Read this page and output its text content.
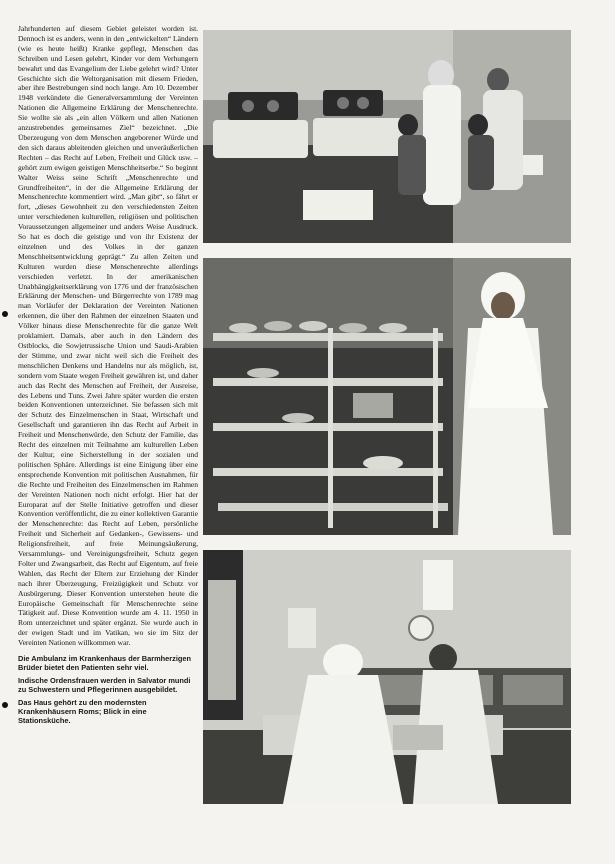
Jahrhunderten auf diesem Gebiet geleistet worden ist. Dennoch ist es anders, wenn in den „entwickelten“ Ländern (wie es heute heißt) Kranke gepflegt, Menschen das Schreiben und Lesen gelehrt, Kinder vor dem Verhungern bewahrt und das Evangelium der Liebe gelehrt wird? Unter Geschichte sich die Weltorganisation mit diesem Frieden, aber ihre Bestrebungen sind noch lange. Am 10. Dezember 1948 verkündete die Generalversammlung der Vereinten Nationen die Allgemeine Erklärung der Menschenrechte. Sie wollte sie als „ein allen Völkern und allen Nationen anzustrebendes gemeinsames Ziel“ bezeichnet. „Die Überzeugung von dem Menschen angeborener Würde und den sich daraus ableitenden gleichen und unveräußerlichen Rechten – das Recht auf Leben, Freiheit und Glück usw. – gehört zum ewigen geistigen Menschheitserbe.“ So beginnt Walter Weiss seine Schrift „Menschenrechte und Grundfreiheiten“, in der die Allgemeine Erklärung der Menschenrechte kommentiert wird. „Man gibt“, so fährt er fort, „dieses Gewohnheit zu den verschiedensten Zeiten unter verschiedenen kulturellen, religiösen und politischen Voraussetzungen allgemeiner und anders Weise Ausdruck. So hat es doch die geistige und von ihr Existenz der einzelnen und des Volkes in der ganzen Menschheitsentwicklung geprägt.“ Zu allen Zeiten und Kulturen wurden diese Menschenrechte allerdings verschieden verletzt. In der amerikanischen Unabhängigkeitserklärung von 1776 und der französischen Erklärung der Menschen- und Bürgerrechte von 1789 mag man Vorläufer der Deklaration der Vereinten Nationen erkennen, die über den Rahmen der einzelnen Staaten und Völker hinaus diese Menschenrechte für die ganze Welt proklamiert. Damals, aber auch in den Ländern des Ostblocks, die Sowjetrussische Union und Saudi-Arabien der Stimme, und zwar nicht weil sich die Freiheit des menschlichen Denkens und Handelns nur als möglich, ist, sondern vom Staate wegen Freiheit gewähren ist, und daher auch das Recht des Menschen auf Freiheit, der Ausreise, des Lebens und Tuns. Zwei Jahre später wurden die ersten beiden Konventionen unterzeichnet. Sie befassen sich mit der Schutz des Einzelmenschen in Staat, Wirtschaft und Gesellschaft und garantieren ihn das Recht auf Arbeit in Freiheit und Menschenwürde, den Schutz der Familie, das Recht des einzelnen mit Teilnahme am kulturellen Leben der Kultur, eine Sicherstellung in der sozialen und politischen Sphäre. Allerdings ist eine Einigung über eine entsprechende Konvention mit politischen Ausnahmen, für die Rechte und Freiheiten des Einzelmenschen im Rahmen der Vereinten Nationen noch nicht erfolgt. Hier hat der Europarat auf der Stelle Initiative getroffen und dieser Konvention veröffentlicht, die zu einer kollektiven Garantie der Menschenrechte: das Recht auf Leben, persönliche Freiheit und Sicherheit auf Gedanken-, Gewissens- und Religionsfreiheit, auf freie Meinungsäußerung, Versammlungs- und Vereinigungsfreiheit, Schutz gegen Folter und Zwangsarbeit, das Recht auf Eigentum, auf freie Wahlen, das Recht der Eltern zur Erziehung der Kinder nach ihrer Überzeugung, Freizügigkeit und Schutz vor Ausbürgerung. Dieser Konvention unterstehen heute die Europäische Gemeinschaft für Menschenrechte seine Tätigkeit auf. Diese Konvention wurde am 4. 11. 1950 in Rom unterzeichnet und später ergänzt. Sie wurde auch in der ewigen Stadt und im Vatikan, wo sie im Sitz der Vereinten Nationen willkommen war.

Die Ambulanz im Krankenhaus der Barmherzigen Brüder bietet den Patienten sehr viel.

Indische Ordensfrauen werden in Salvator mundi zu Schwestern und Pflegerinnen ausgebildet.

Das Haus gehört zu den modernsten Krankenhäusern Roms; Blick in eine Stationsküche.
